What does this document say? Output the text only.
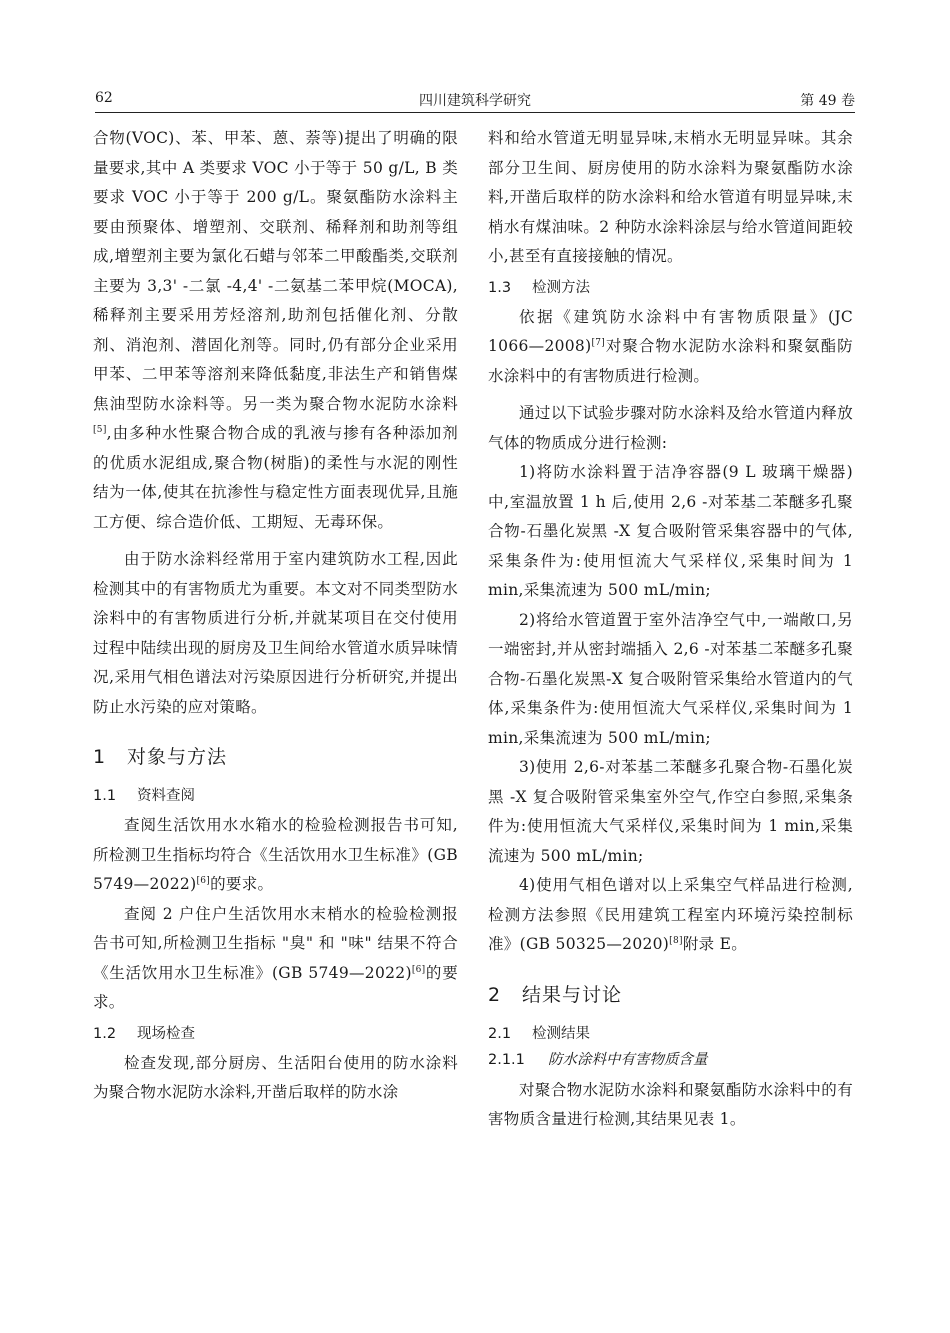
62	四川建筑科学研究	第 49 卷

合物(VOC)、苯、甲苯、蒽、萘等)提出了明确的限量要求,其中 A 类要求 VOC 小于等于 50 g/L, B 类要求 VOC 小于等于 200 g/L。聚氨酯防水涂料主要由预聚体、增塑剂、交联剂、稀释剂和助剂等组成,增塑剂主要为氯化石蜡与邻苯二甲酸酯类,交联剂主要为 3,3' -二氯 -4,4' -二氨基二苯甲烷(MOCA),稀释剂主要采用芳烃溶剂,助剂包括催化剂、分散剂、消泡剂、潜固化剂等。同时,仍有部分企业采用甲苯、二甲苯等溶剂来降低黏度,非法生产和销售煤焦油型防水涂料等。另一类为聚合物水泥防水涂料[5],由多种水性聚合物合成的乳液与掺有各种添加剂的优质水泥组成,聚合物(树脂)的柔性与水泥的刚性结为一体,使其在抗渗性与稳定性方面表现优异,且施工方便、综合造价低、工期短、无毒环保。

由于防水涂料经常用于室内建筑防水工程,因此检测其中的有害物质尤为重要。本文对不同类型防水涂料中的有害物质进行分析,并就某项目在交付使用过程中陆续出现的厨房及卫生间给水管道水质异味情况,采用气相色谱法对污染原因进行分析研究,并提出防止水污染的应对策略。

1 对象与方法
1.1 资料查阅

查阅生活饮用水水箱水的检验检测报告书可知,所检测卫生指标均符合《生活饮用水卫生标准》(GB 5749—2022)[6]的要求。

查阅 2 户住户生活饮用水末梢水的检验检测报告书可知,所检测卫生指标 "臭" 和 "味" 结果不符合《生活饮用水卫生标准》(GB 5749—2022)[6]的要求。

1.2 现场检查

检查发现,部分厨房、生活阳台使用的防水涂料为聚合物水泥防水涂料,开凿后取样的防水涂

料和给水管道无明显异味,末梢水无明显异味。其余部分卫生间、厨房使用的防水涂料为聚氨酯防水涂料,开凿后取样的防水涂料和给水管道有明显异味,末梢水有煤油味。2 种防水涂料涂层与给水管道间距较小,甚至有直接接触的情况。

1.3 检测方法

依据《建筑防水涂料中有害物质限量》(JC 1066—2008)[7]对聚合物水泥防水涂料和聚氨酯防水涂料中的有害物质进行检测。

通过以下试验步骤对防水涂料及给水管道内释放气体的物质成分进行检测:

1)将防水涂料置于洁净容器(9 L 玻璃干燥器)中,室温放置 1 h 后,使用 2,6 -对苯基二苯醚多孔聚合物-石墨化炭黑 -X 复合吸附管采集容器中的气体,采集条件为:使用恒流大气采样仪,采集时间为 1 min,采集流速为 500 mL/min;

2)将给水管道置于室外洁净空气中,一端敞口,另一端密封,并从密封端插入 2,6 -对苯基二苯醚多孔聚合物-石墨化炭黑-X 复合吸附管采集给水管道内的气体,采集条件为:使用恒流大气采样仪,采集时间为 1 min,采集流速为 500 mL/min;

3)使用 2,6-对苯基二苯醚多孔聚合物-石墨化炭黑 -X 复合吸附管采集室外空气,作空白参照,采集条件为:使用恒流大气采样仪,采集时间为 1 min,采集流速为 500 mL/min;

4)使用气相色谱对以上采集空气样品进行检测,检测方法参照《民用建筑工程室内环境污染控制标准》(GB 50325—2020)[8]附录 E。

2 结果与讨论
2.1 检测结果
2.1.1 防水涂料中有害物质含量

对聚合物水泥防水涂料和聚氨酯防水涂料中的有害物质含量进行检测,其结果见表 1。
